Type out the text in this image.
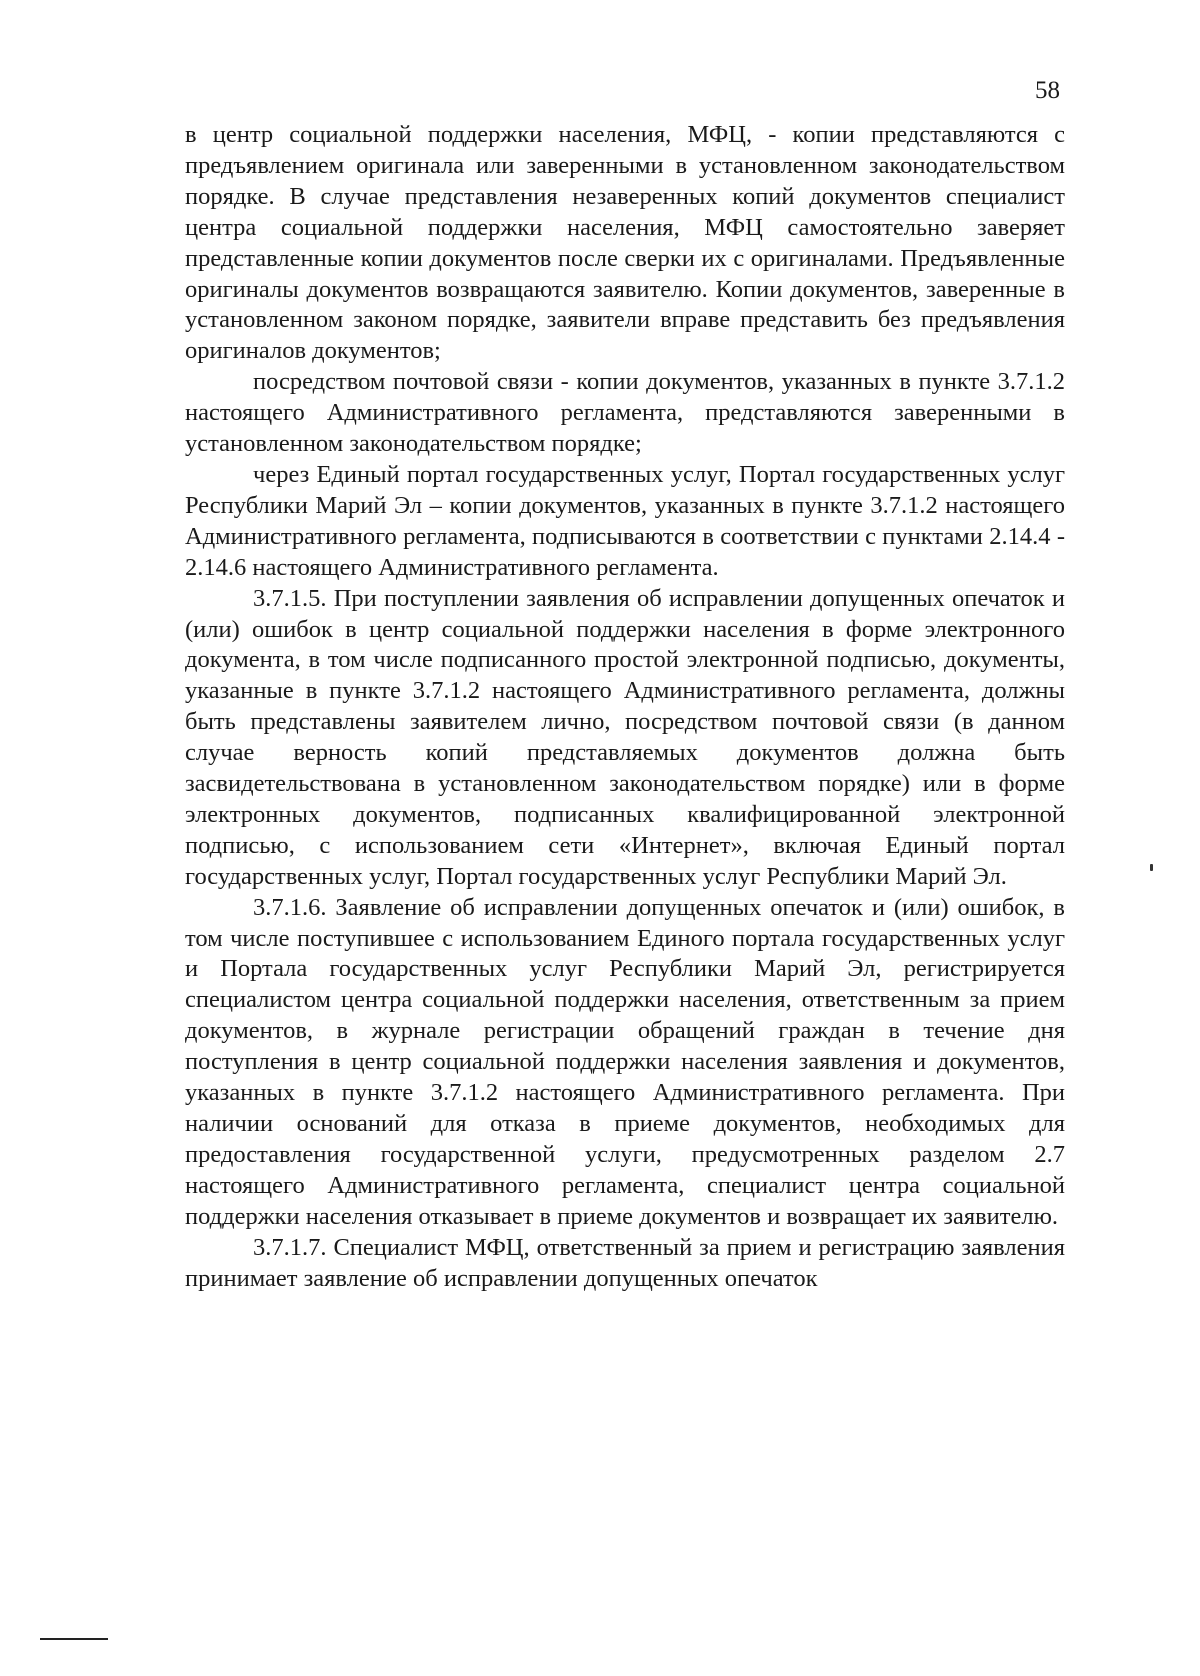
58

в центр социальной поддержки населения, МФЦ, - копии представляются с предъявлением оригинала или заверенными в установленном законодательством порядке. В случае представления незаверенных копий документов специалист центра социальной поддержки населения, МФЦ самостоятельно заверяет представленные копии документов после сверки их с оригиналами. Предъявленные оригиналы документов возвращаются заявителю. Копии документов, заверенные в установленном законом порядке, заявители вправе представить без предъявления оригиналов документов;

посредством почтовой связи - копии документов, указанных в пункте 3.7.1.2 настоящего Административного регламента, представляются заверенными в установленном законодательством порядке;

через Единый портал государственных услуг, Портал государственных услуг Республики Марий Эл – копии документов, указанных в пункте 3.7.1.2 настоящего Административного регламента, подписываются в соответствии с пунктами 2.14.4 - 2.14.6 настоящего Административного регламента.

3.7.1.5. При поступлении заявления об исправлении допущенных опечаток и (или) ошибок в центр социальной поддержки населения в форме электронного документа, в том числе подписанного простой электронной подписью, документы, указанные в пункте 3.7.1.2 настоящего Административного регламента, должны быть представлены заявителем лично, посредством почтовой связи (в данном случае верность копий представляемых документов должна быть засвидетельствована в установленном законодательством порядке) или в форме электронных документов, подписанных квалифицированной электронной подписью, с использованием сети «Интернет», включая Единый портал государственных услуг, Портал государственных услуг Республики Марий Эл.

3.7.1.6. Заявление об исправлении допущенных опечаток и (или) ошибок, в том числе поступившее с использованием Единого портала государственных услуг и Портала государственных услуг Республики Марий Эл, регистрируется специалистом центра социальной поддержки населения, ответственным за прием документов, в журнале регистрации обращений граждан в течение дня поступления в центр социальной поддержки населения заявления и документов, указанных в пункте 3.7.1.2 настоящего Административного регламента. При наличии оснований для отказа в приеме документов, необходимых для предоставления государственной услуги, предусмотренных разделом 2.7 настоящего Административного регламента, специалист центра социальной поддержки населения отказывает в приеме документов и возвращает их заявителю.

3.7.1.7. Специалист МФЦ, ответственный за прием и регистрацию заявления принимает заявление об исправлении допущенных опечаток
